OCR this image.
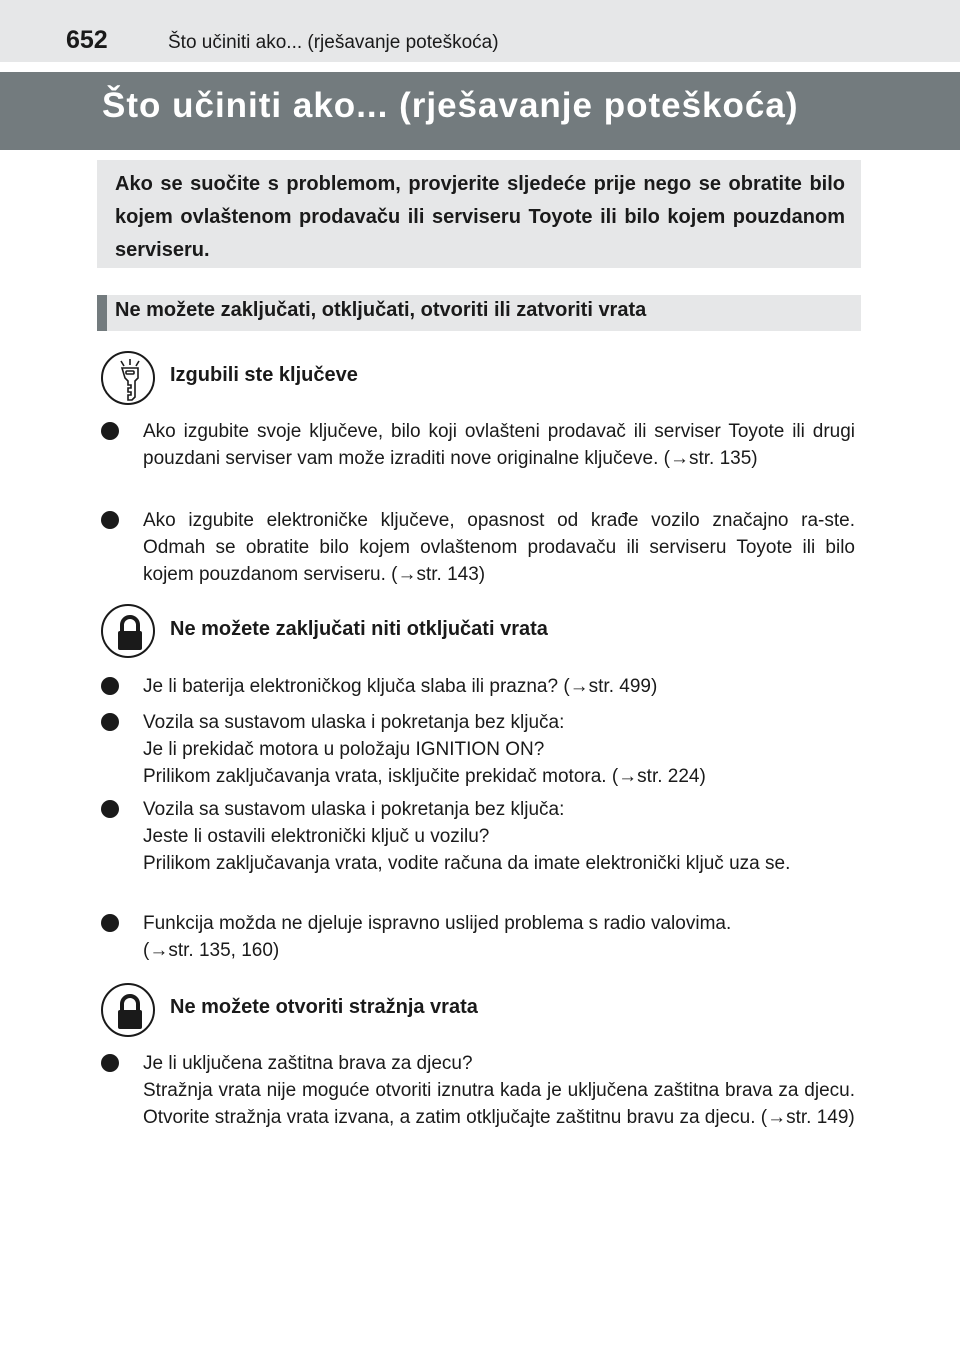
652	Što učiniti ako... (rješavanje poteškoća)
Što učiniti ako... (rješavanje poteškoća)
Ako se suočite s problemom, provjerite sljedeće prije nego se obratite bilo kojem ovlaštenom prodavaču ili serviseru Toyote ili bilo kojem pouzdanom serviseru.
Ne možete zaključati, otključati, otvoriti ili zatvoriti vrata
Izgubili ste ključeve
Ako izgubite svoje ključeve, bilo koji ovlašteni prodavač ili serviser Toyote ili drugi pouzdani serviser vam može izraditi nove originalne ključeve. (→str. 135)
Ako izgubite elektroničke ključeve, opasnost od krađe vozilo značajno ra-ste. Odmah se obratite bilo kojem ovlaštenom prodavaču ili serviseru Toyote ili bilo kojem pouzdanom serviseru. (→str. 143)
Ne možete zaključati niti otključati vrata
Je li baterija elektroničkog ključa slaba ili prazna? (→str. 499)
Vozila sa sustavom ulaska i pokretanja bez ključa:
Je li prekidač motora u položaju IGNITION ON?
Prilikom zaključavanja vrata, isključite prekidač motora. (→str. 224)
Vozila sa sustavom ulaska i pokretanja bez ključa:
Jeste li ostavili elektronički ključ u vozilu?
Prilikom zaključavanja vrata, vodite računa da imate elektronički ključ uza se.
Funkcija možda ne djeluje ispravno uslijed problema s radio valovima.
(→str. 135, 160)
Ne možete otvoriti stražnja vrata
Je li uključena zaštitna brava za djecu?
Stražnja vrata nije moguće otvoriti iznutra kada je uključena zaštitna brava za djecu. Otvorite stražnja vrata izvana, a zatim otključajte zaštitnu bravu za djecu. (→str. 149)
